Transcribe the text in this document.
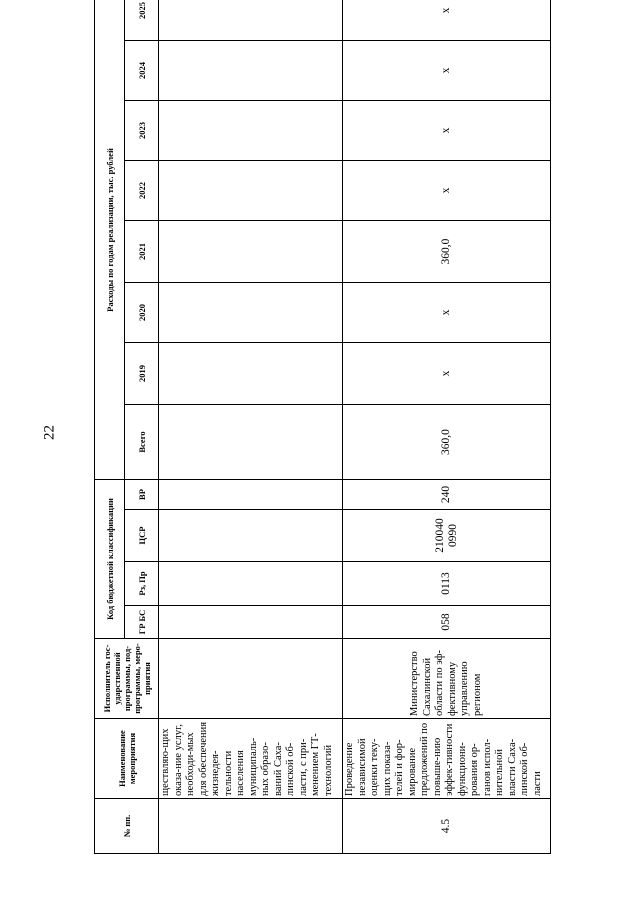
22
№ пп.	Наименование мероприятия	Исполнитель гос-ударственной программы, под-программы, меро-приятия	Код бюджетной классификации				Расходы по годам реализации, тыс. рублей							
			ГР БС	Рз, Пр	ЦСР	ВР	Всего	2019	2020	2021	2022	2023	2024	2025
	ществляю-щих оказа-ние услуг, необходи-мых для обеспечения жизнедея-тельности населения муниципаль-ных образо-ваний Саха-линской об-ласти, с при-менением ГТ-технологий													
4.5	Проведение независимой оценки теку-щих показа-телей и фор-мирование предложений по повыше-нию эффек-тивности функциони-рования ор-ганов испол-нительной власти Саха-линской об-ласти	Министерство Сахалинской области по эф-фективному управлению регионом	058	0113	210040 0990	240	360,0	х	х	360,0	х	х	х	х
